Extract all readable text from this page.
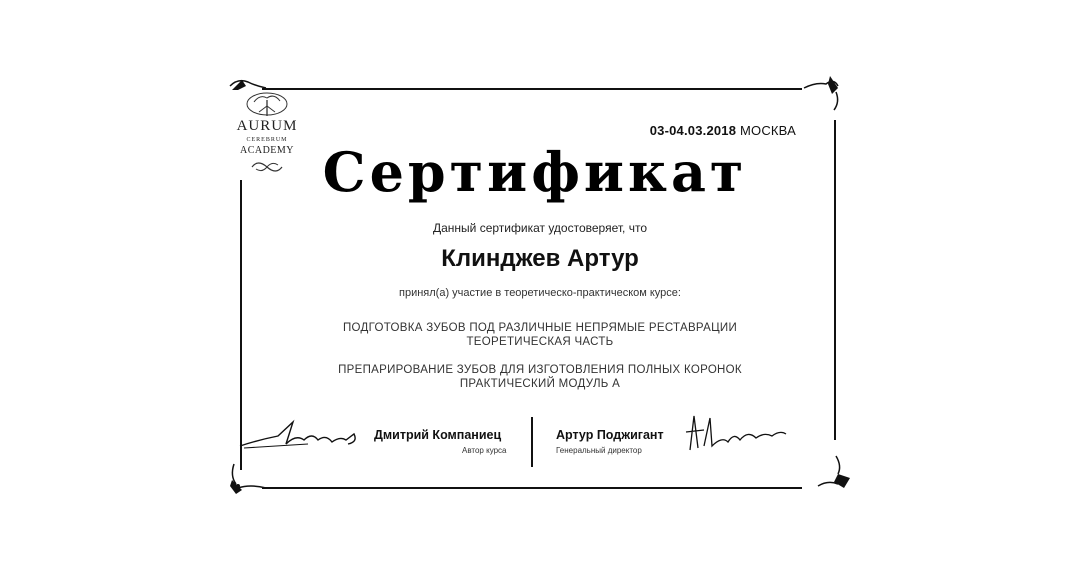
AURUM
CEREBRUM
ACADEMY
03-04.03.2018 МОСКВА
Сертификат
Данный сертификат удостоверяет, что
Клинджев Артур
принял(а) участие в теоретическо-практическом курсе:
ПОДГОТОВКА ЗУБОВ ПОД РАЗЛИЧНЫЕ НЕПРЯМЫЕ РЕСТАВРАЦИИ
ТЕОРЕТИЧЕСКАЯ ЧАСТЬ
ПРЕПАРИРОВАНИЕ ЗУБОВ ДЛЯ ИЗГОТОВЛЕНИЯ ПОЛНЫХ КОРОНОК
ПРАКТИЧЕСКИЙ МОДУЛЬ А
Дмитрий Компаниец
Автор курса
Артур Поджигант
Генеральный директор
